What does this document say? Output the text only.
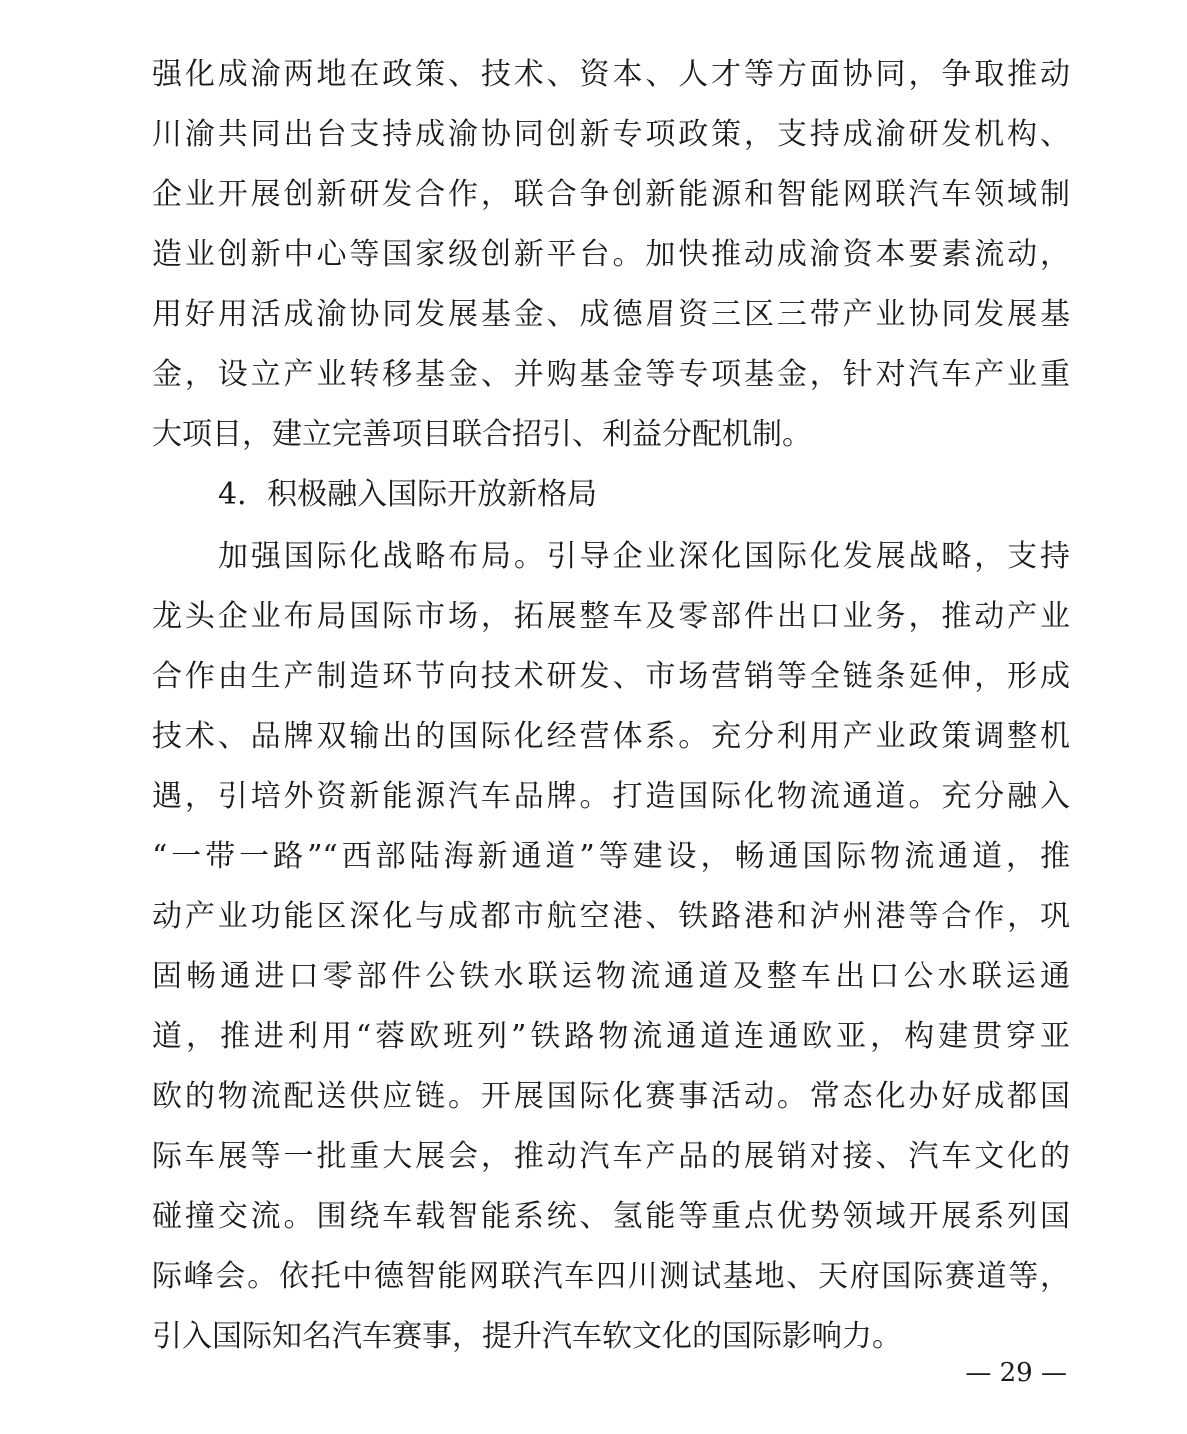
强化成渝两地在政策、技术、资本、人才等方面协同，争取推动
川渝共同出台支持成渝协同创新专项政策，支持成渝研发机构、
企业开展创新研发合作，联合争创新能源和智能网联汽车领域制
造业创新中心等国家级创新平台。加快推动成渝资本要素流动，
用好用活成渝协同发展基金、成德眉资三区三带产业协同发展基
金，设立产业转移基金、并购基金等专项基金，针对汽车产业重
大项目，建立完善项目联合招引、利益分配机制。
4．积极融入国际开放新格局
加强国际化战略布局。引导企业深化国际化发展战略，支持
龙头企业布局国际市场，拓展整车及零部件出口业务，推动产业
合作由生产制造环节向技术研发、市场营销等全链条延伸，形成
技术、品牌双输出的国际化经营体系。充分利用产业政策调整机
遇，引培外资新能源汽车品牌。打造国际化物流通道。充分融入
“一带一路”“西部陆海新通道”等建设，畅通国际物流通道，推
动产业功能区深化与成都市航空港、铁路港和泸州港等合作，巩
固畅通进口零部件公铁水联运物流通道及整车出口公水联运通
道，推进利用“蓉欧班列”铁路物流通道连通欧亚，构建贯穿亚
欧的物流配送供应链。开展国际化赛事活动。常态化办好成都国
际车展等一批重大展会，推动汽车产品的展销对接、汽车文化的
碰撞交流。围绕车载智能系统、氢能等重点优势领域开展系列国
际峰会。依托中德智能网联汽车四川测试基地、天府国际赛道等，
引入国际知名汽车赛事，提升汽车软文化的国际影响力。
— 29 —
